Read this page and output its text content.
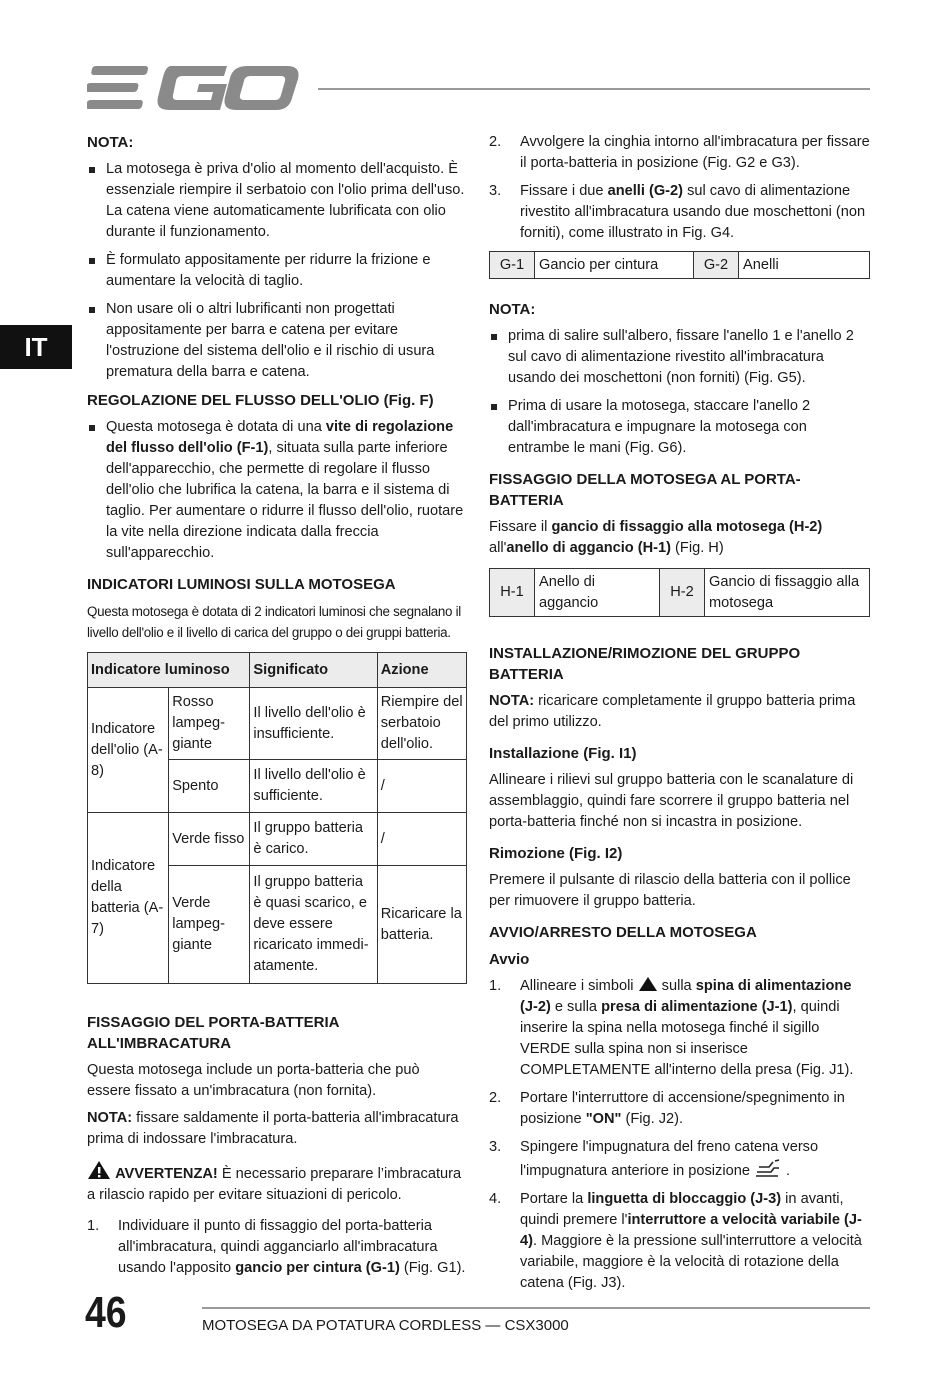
IT
NOTA:
La motosega è priva d'olio al momento dell'acquisto. È essenziale riempire il serbatoio con l'olio prima dell'uso. La catena viene automaticamente lubrificata con olio durante il funzionamento.
È formulato appositamente per ridurre la frizione e aumentare la velocità di taglio.
Non usare oli o altri lubrificanti non progettati appositamente per barra e catena per evitare l'ostruzione del sistema dell'olio e il rischio di usura prematura della barra e catena.
REGOLAZIONE DEL FLUSSO DELL'OLIO (Fig. F)
Questa motosega è dotata di una vite di regolazione del flusso dell'olio (F-1), situata sulla parte inferiore dell'apparecchio, che permette di regolare il flusso dell'olio che lubrifica la catena, la barra e il sistema di taglio. Per aumentare o ridurre il flusso dell'olio, ruotare la vite nella direzione indicata dalla freccia sull'apparecchio.
INDICATORI LUMINOSI SULLA MOTOSEGA

Questa motosega è dotata di 2 indicatori luminosi che segnalano il livello dell'olio e il livello di carica del gruppo o dei gruppi batteria.

Indicatore luminoso		Significato	Azione
Indicatore dell'olio (A-8)	Rosso lampeg-giante	Il livello dell'olio è insufficiente.	Riempire del serbatoio dell'olio.
	Spento	Il livello dell'olio è sufficiente.	/
Indicatore della batteria (A-7)	Verde fisso	Il gruppo batteria è carico.	/
	Verde lampeg-giante	Il gruppo batteria è quasi scarico, e deve essere ricaricato immedi-atamente.	Ricaricare la batteria.
FISSAGGIO DEL PORTA-BATTERIA ALL'IMBRACATURA

Questa motosega include un porta-batteria che può essere fissato a un'imbracatura (non fornita).

NOTA: fissare saldamente il porta-batteria all'imbracatura prima di indossare l'imbracatura.

AVVERTENZA! È necessario preparare l’imbracatura a rilascio rapido per evitare situazioni di pericolo.

1. Individuare il punto di fissaggio del porta-batteria all'imbracatura, quindi agganciarlo all'imbracatura usando l'apposito gancio per cintura (G-1) (Fig. G1).
2. Avvolgere la cinghia intorno all'imbracatura per fissare il porta-batteria in posizione (Fig. G2 e G3).
3. Fissare i due anelli (G-2) sul cavo di alimentazione rivestito all'imbracatura usando due moschettoni (non forniti), come illustrato in Fig. G4.
G-1	Gancio per cintura	G-2	Anelli
NOTA:
prima di salire sull'albero, fissare l'anello 1 e l'anello 2 sul cavo di alimentazione rivestito all'imbracatura usando dei moschettoni (non forniti) (Fig. G5).
Prima di usare la motosega, staccare l'anello 2 dall'imbracatura e impugnare la motosega con entrambe le mani (Fig. G6).
FISSAGGIO DELLA MOTOSEGA AL PORTA-BATTERIA

Fissare il gancio di fissaggio alla motosega (H-2) all'anello di aggancio (H-1) (Fig. H)

H-1	Anello di aggancio	H-2	Gancio di fissaggio alla motosega
INSTALLAZIONE/RIMOZIONE DEL GRUPPO BATTERIA

NOTA: ricaricare completamente il gruppo batteria prima del primo utilizzo.

Installazione (Fig. I1)

Allineare i rilievi sul gruppo batteria con le scanalature di assemblaggio, quindi fare scorrere il gruppo batteria nel porta-batteria finché non si incastra in posizione.

Rimozione (Fig. I2)

Premere il pulsante di rilascio della batteria con il pollice per rimuovere il gruppo batteria.

AVVIO/ARRESTO DELLA MOTOSEGA
Avvio
1. Allineare i simboli  sulla spina di alimentazione (J-2) e sulla presa di alimentazione (J-1), quindi inserire la spina nella motosega finché il sigillo VERDE sulla spina non si inserisce COMPLETAMENTE all'interno della presa (Fig. J1).
2. Portare l'interruttore di accensione/spegnimento in posizione "ON" (Fig. J2).
3. Spingere l'impugnatura del freno catena verso l'impugnatura anteriore in posizione  .
4. Portare la linguetta di bloccaggio (J-3) in avanti, quindi premere l'interruttore a velocità variabile (J-4). Maggiore è la pressione sull'interruttore a velocità variabile, maggiore è la velocità di rotazione della catena (Fig. J3).
46	MOTOSEGA DA POTATURA CORDLESS — CSX3000
